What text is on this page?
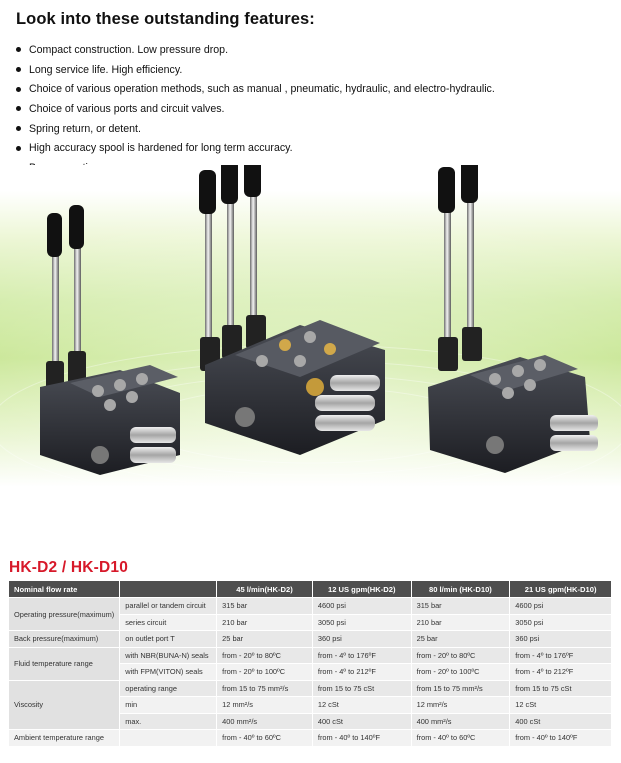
Look into these outstanding features:
Compact construction. Low pressure drop.
Long service life. High efficiency.
Choice of various operation methods, such as manual , pneumatic, hydraulic, and electro-hydraulic.
Choice of various ports and circuit valves.
Spring return, or detent.
High accuracy spool is hardened for long term accuracy.
HK-D2 / HK-D10
Nominal flow rate		45 l/min(HK-D2)	12 US gpm(HK-D2)	80 l/min (HK-D10)	21 US gpm(HK-D10)
Operating pressure(maximum)	parallel or tandem circuit	315 bar	4600 psi	315 bar	4600 psi
	series circuit	210 bar	3050 psi	210 bar	3050 psi
Back pressure(maximum)	on outlet port T	25 bar	360 psi	25 bar	360 psi
Fluid temperature range	with NBR(BUNA-N) seals	from - 20º to 80ºC	from - 4º to 176ºF	from - 20º to 80ºC	from - 4º to 176ºF
	with FPM(VITON) seals	from - 20º to 100ºC	from - 4º to 212ºF	from - 20º to 100ºC	from - 4º to 212ºF
Viscosity	operating range	from 15 to 75 mm²/s	from 15 to 75 cSt	from 15 to 75 mm²/s	from 15 to 75 cSt
	min	12 mm²/s	12 cSt	12 mm²/s	12 cSt
	max.	400 mm²/s	400 cSt	400 mm²/s	400 cSt
Ambient temperature range		from - 40º to 60ºC	from - 40º to 140ºF	from - 40º to 60ºC	from - 40º to 140ºF
